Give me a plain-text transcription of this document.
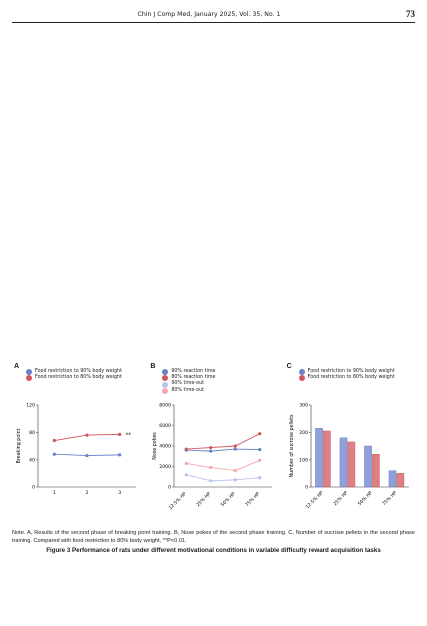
Chin J Comp Med, January 2025, Vol. 35, No. 1	73

A
Food restriction to 90% body weight
Food restriction to 80% body weight
0
40
80
120
Breaking point
1	2	3
**
B
90% reaction time
80% reaction time
90% time-out
80% time-out
0
2000
4000
6000
8000
Nose pokes
12.5% HP 25% HP 50% HP 75% HP
C
Food restriction to 90% body weight
Food restriction to 80% body weight
0
100
200
300
Number of sucrose pellets
12.5% HP 25% HP 50% HP 75% HP
Note. A, Results of the second phase of breaking point training. B, Nose pokes of the second phase training. C, Number of sucrose pellets in the second phase training. Compared with food restriction to 80% body weight, **P<0.01.
Figure 3 Performance of rats under different motivational conditions in variable difficulty reward acquisition tasks
